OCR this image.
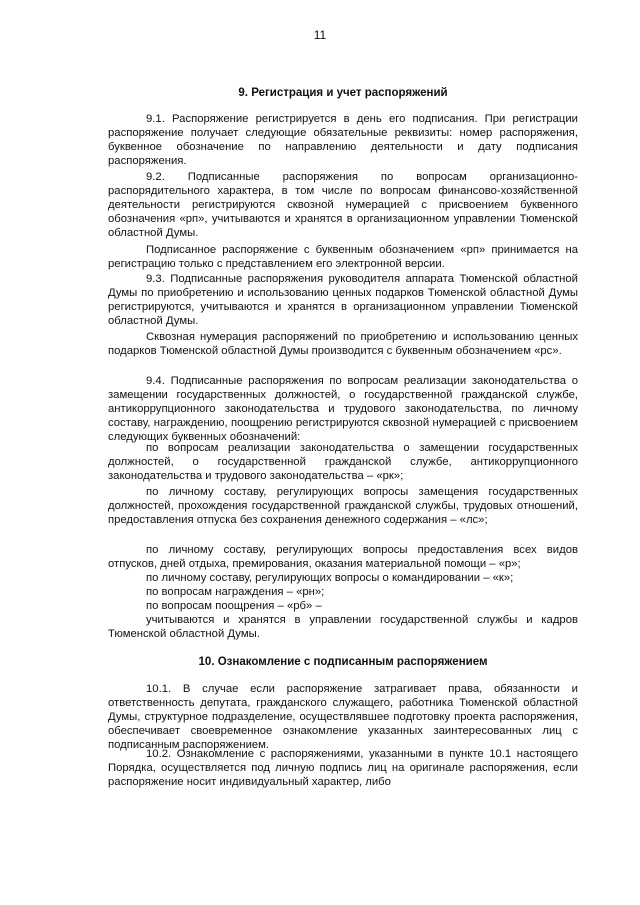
11
9. Регистрация и учет распоряжений

9.1. Распоряжение регистрируется в день его подписания. При регистрации распоряжение получает следующие обязательные реквизиты: номер распоряжения, буквенное обозначение по направлению деятельности и дату подписания распоряжения.

9.2. Подписанные распоряжения по вопросам организационно-распорядительного характера, в том числе по вопросам финансово-хозяйственной деятельности регистрируются сквозной нумерацией с присвоением буквенного обозначения «рп», учитываются и хранятся в организационном управлении Тюменской областной Думы.

Подписанное распоряжение с буквенным обозначением «рп» принимается на регистрацию только с представлением его электронной версии.

9.3. Подписанные распоряжения руководителя аппарата Тюменской областной Думы по приобретению и использованию ценных подарков Тюменской областной Думы регистрируются, учитываются и хранятся в организационном управлении Тюменской областной Думы.

Сквозная нумерация распоряжений по приобретению и использованию ценных подарков Тюменской областной Думы производится с буквенным обозначением «рс».

9.4. Подписанные распоряжения по вопросам реализации законодательства о замещении государственных должностей, о государственной гражданской службе, антикоррупционного законодательства и трудового законодательства, по личному составу, награждению, поощрению регистрируются сквозной нумерацией с присвоением следующих буквенных обозначений:

по вопросам реализации законодательства о замещении государственных должностей, о государственной гражданской службе, антикоррупционного законодательства и трудового законодательства – «рк»;

по личному составу, регулирующих вопросы замещения государственных должностей, прохождения государственной гражданской службы, трудовых отношений, предоставления отпуска без сохранения денежного содержания – «лс»;

по личному составу, регулирующих вопросы предоставления всех видов отпусков, дней отдыха, премирования, оказания материальной помощи – «р»;

по личному составу, регулирующих вопросы о командировании – «к»;

по вопросам награждения – «рн»;

по вопросам поощрения – «рб» –

учитываются и хранятся в управлении государственной службы и кадров Тюменской областной Думы.

10. Ознакомление с подписанным распоряжением

10.1. В случае если распоряжение затрагивает права, обязанности и ответственность депутата, гражданского служащего, работника Тюменской областной Думы, структурное подразделение, осуществлявшее подготовку проекта распоряжения, обеспечивает своевременное ознакомление указанных заинтересованных лиц с подписанным распоряжением.

10.2. Ознакомление с распоряжениями, указанными в пункте 10.1 настоящего Порядка, осуществляется под личную подпись лиц на оригинале распоряжения, если распоряжение носит индивидуальный характер, либо
